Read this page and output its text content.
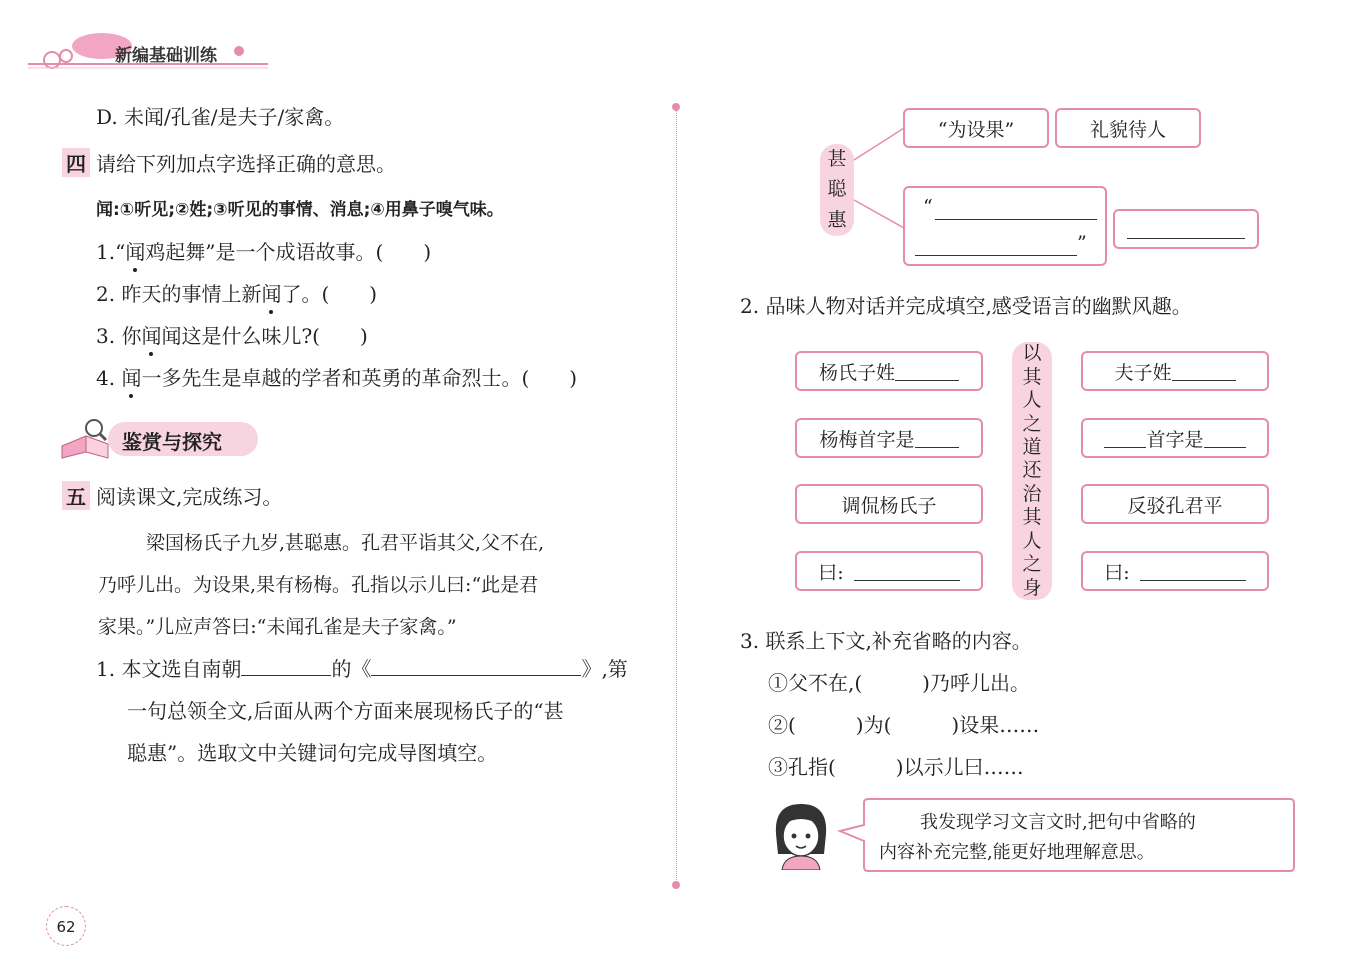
新编基础训练
D. 未闻/孔雀/是夫子/家禽。
四 请给下列加点字选择正确的意思。
闻:①听见;②姓;③听见的事情、消息;④用鼻子嗅气味。
1.“闻鸡起舞”是一个成语故事。(　　)
2. 昨天的事情上新闻了。(　　)
3. 你闻闻这是什么味儿?(　　)
4. 闻一多先生是卓越的学者和英勇的革命烈士。(　　)
鉴赏与探究
五 阅读课文,完成练习。
梁国杨氏子九岁,甚聪惠。孔君平诣其父,父不在,
乃呼儿出。为设果,果有杨梅。孔指以示儿曰:“此是君
家果。”儿应声答曰:“未闻孔雀是夫子家禽。”
1. 本文选自南朝	的《	》,第
一句总领全文,后面从两个方面来展现杨氏子的“甚
聪惠”。选取文中关键词句完成导图填空。
62
甚
聪
惠
“为设果”	礼貌待人
“
”
2. 品味人物对话并完成填空,感受语言的幽默风趣。
杨氏子姓
杨梅首字是
调侃杨氏子
曰:
以
其
人
之
道
还
治
其
人
之
身
夫子姓
首字是
反驳孔君平
曰:
3. 联系上下文,补充省略的内容。
①父不在,(　　　)乃呼儿出。
②(　　　)为(　　　)设果……
③孔指(　　　)以示儿曰……
我发现学习文言文时,把句中省略的
内容补充完整,能更好地理解意思。
